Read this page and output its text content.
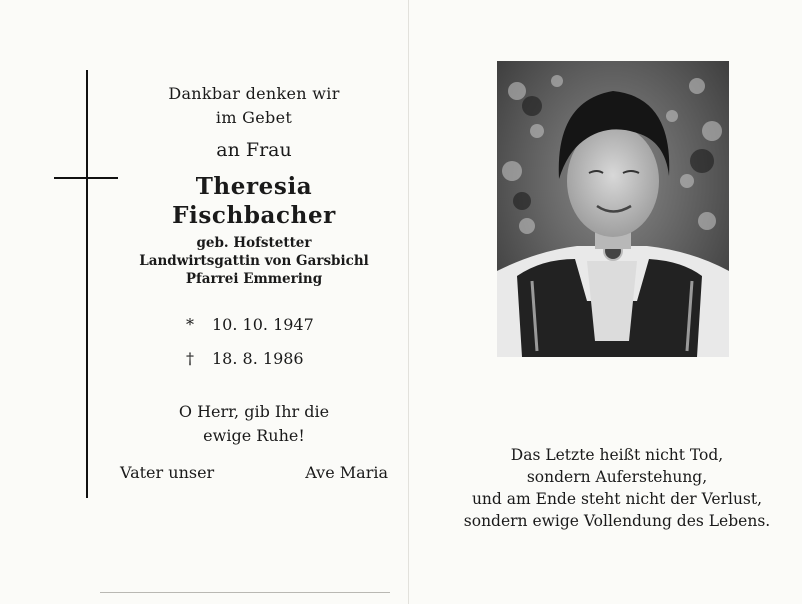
Dankbar denken wir
im Gebet
an Frau
Theresia
Fischbacher
geb. Hofstetter
Landwirtsgattin von Garsbichl
Pfarrei Emmering
* 10. 10. 1947
† 18. 8. 1986
O Herr, gib Ihr die
ewige Ruhe!
Vater unser	Ave Maria
Das Letzte heißt nicht Tod,
sondern Auferstehung,
und am Ende steht nicht der Verlust,
sondern ewige Vollendung des Lebens.
